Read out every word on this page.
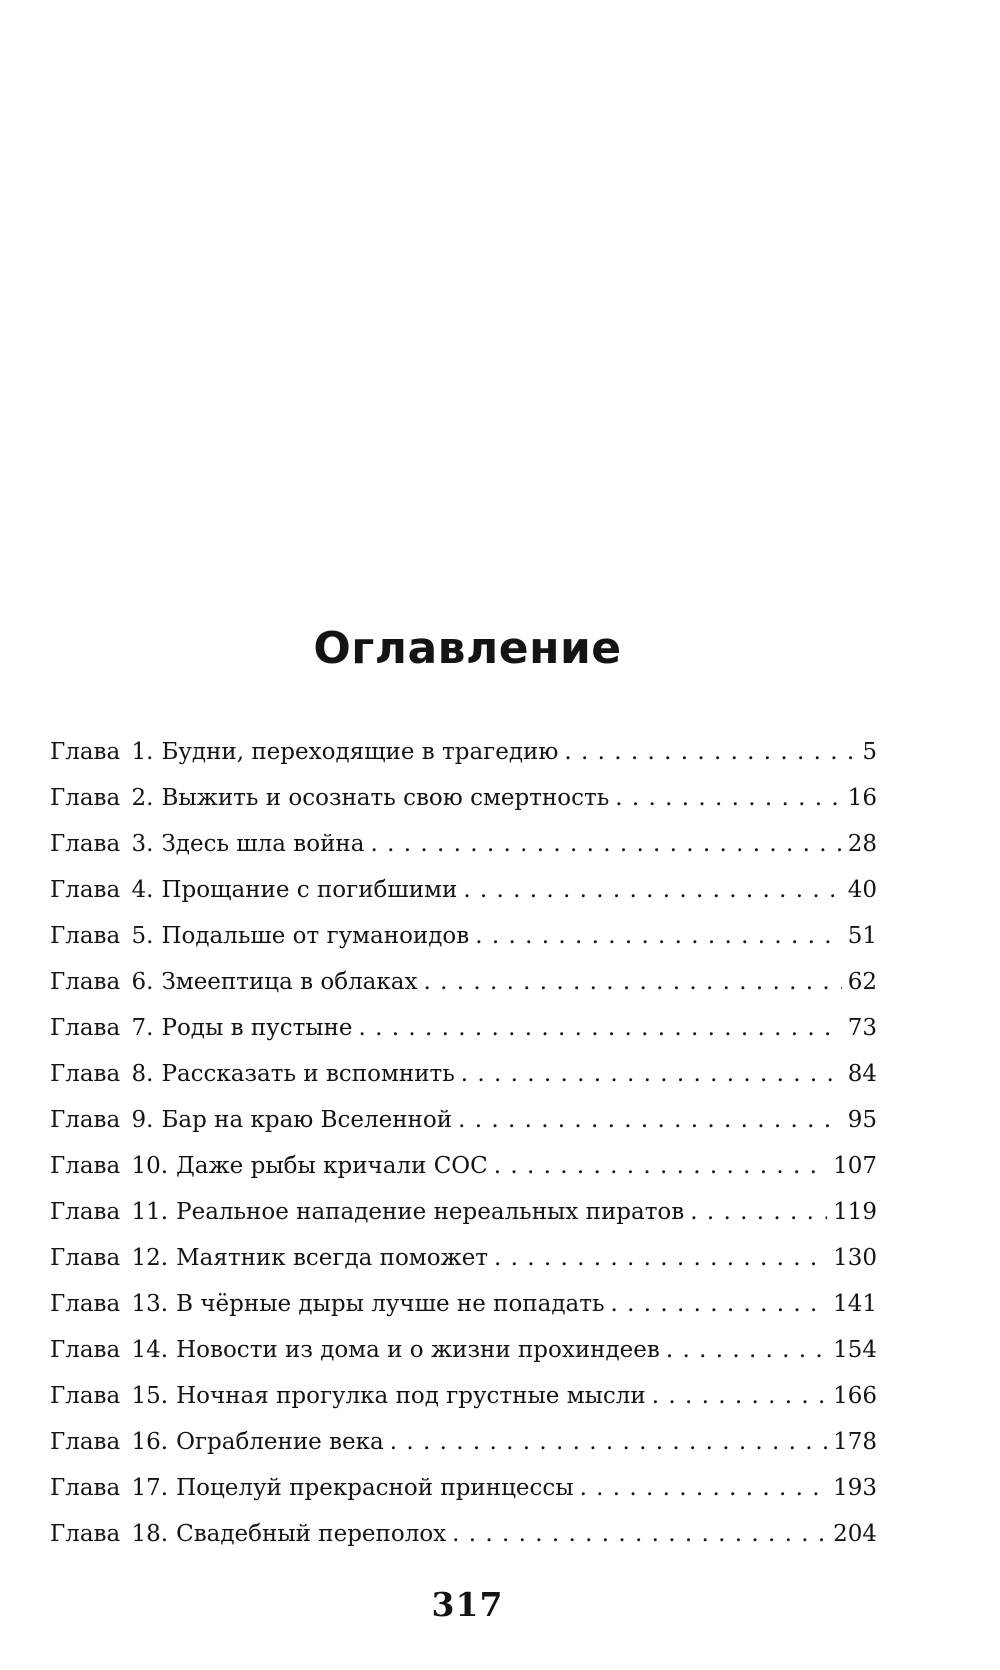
Оглавление
Глава 1. Будни, переходящие в трагедию . . .	5
Глава 2. Выжить и осознать свою смертность . . .	16
Глава 3. Здесь шла война . . .	28
Глава 4. Прощание с погибшими . . .	40
Глава 5. Подальше от гуманоидов . . .	51
Глава 6. Змеептица в облаках . . .	62
Глава 7. Роды в пустыне . . .	73
Глава 8. Рассказать и вспомнить . . .	84
Глава 9. Бар на краю Вселенной . . .	95
Глава 10. Даже рыбы кричали СОС . . .	107
Глава 11. Реальное нападение нереальных пиратов . . .	119
Глава 12. Маятник всегда поможет . . .	130
Глава 13. В чёрные дыры лучше не попадать . . .	141
Глава 14. Новости из дома и о жизни прохиндеев . . .	154
Глава 15. Ночная прогулка под грустные мысли . . .	166
Глава 16. Ограбление века . . .	178
Глава 17. Поцелуй прекрасной принцессы . . .	193
Глава 18. Свадебный переполох . . .	204
317
